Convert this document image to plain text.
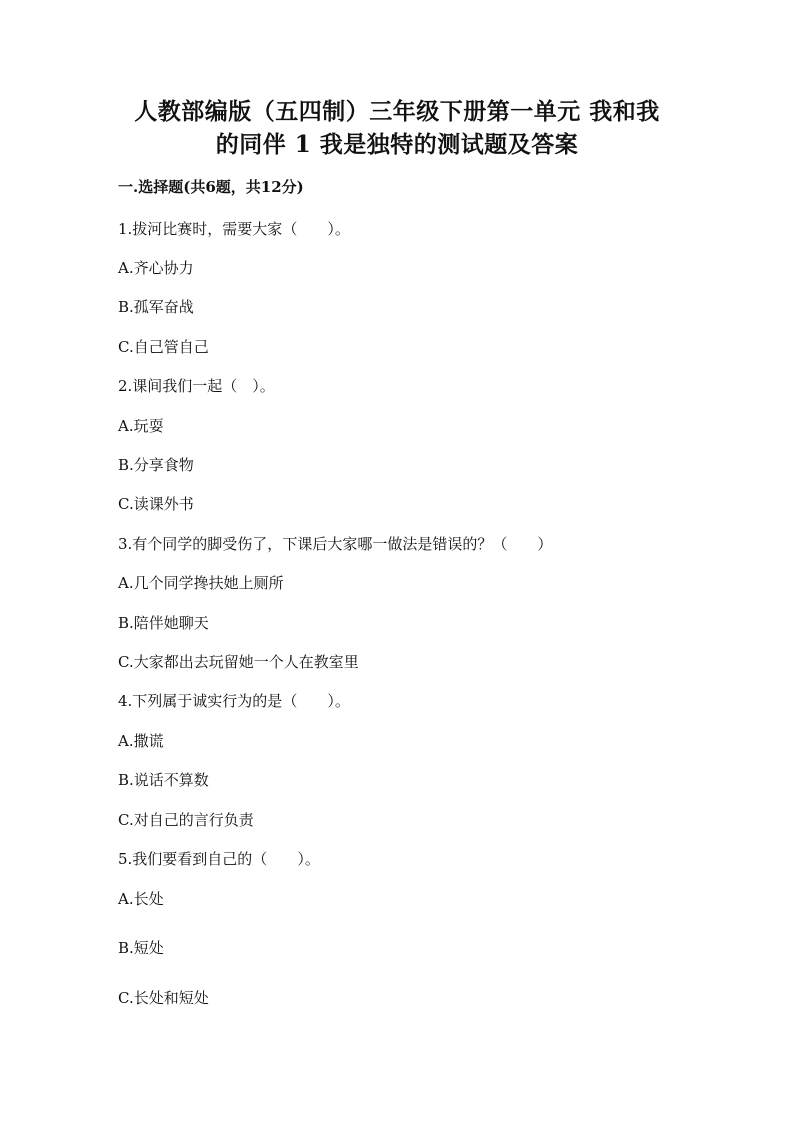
人教部编版（五四制）三年级下册第一单元 我和我
的同伴 1 我是独特的测试题及答案
一.选择题(共6题，共12分)
1.拔河比赛时，需要大家（　　）。
A.齐心协力
B.孤军奋战
C.自己管自己
2.课间我们一起（　）。
A.玩耍
B.分享食物
C.读课外书
3.有个同学的脚受伤了，下课后大家哪一做法是错误的？（　　）
A.几个同学搀扶她上厕所
B.陪伴她聊天
C.大家都出去玩留她一个人在教室里
4.下列属于诚实行为的是（　　）。
A.撒谎
B.说话不算数
C.对自己的言行负责
5.我们要看到自己的（　　）。
A.长处
B.短处
C.长处和短处
